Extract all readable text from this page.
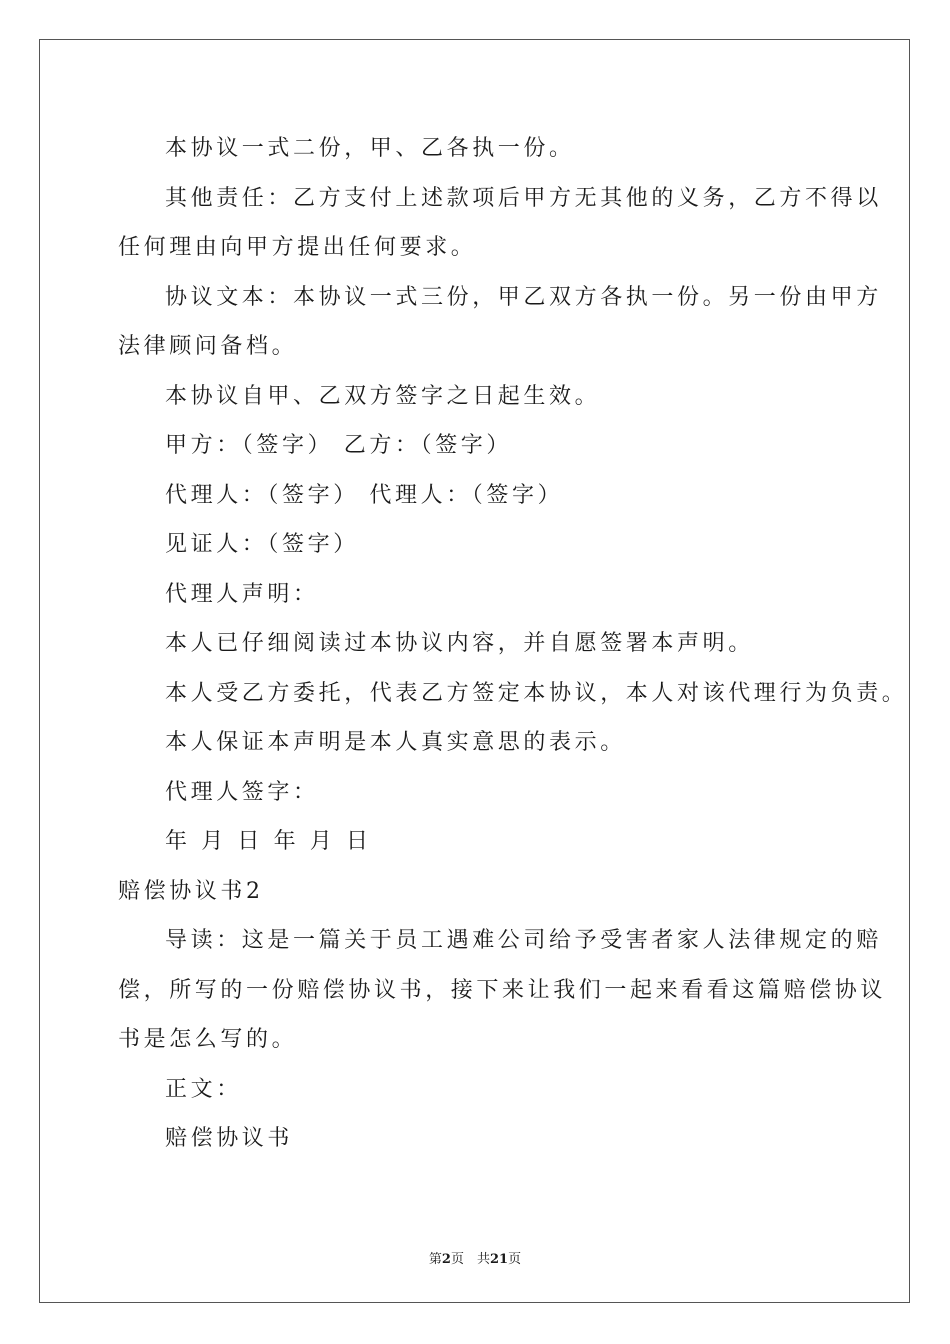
本协议一式二份，甲、乙各执一份。
其他责任：乙方支付上述款项后甲方无其他的义务，乙方不得以
任何理由向甲方提出任何要求。
协议文本：本协议一式三份，甲乙双方各执一份。另一份由甲方
法律顾问备档。
本协议自甲、乙双方签字之日起生效。
甲方：（签字） 乙方：（签字）
代理人：（签字） 代理人：（签字）
见证人：（签字）
代理人声明：
本人已仔细阅读过本协议内容，并自愿签署本声明。
本人受乙方委托，代表乙方签定本协议，本人对该代理行为负责。
本人保证本声明是本人真实意思的表示。
代理人签字：
年 月 日 年 月 日
赔偿协议书2
导读：这是一篇关于员工遇难公司给予受害者家人法律规定的赔
偿，所写的一份赔偿协议书，接下来让我们一起来看看这篇赔偿协议
书是怎么写的。
正文：
赔偿协议书
第2页　共21页
